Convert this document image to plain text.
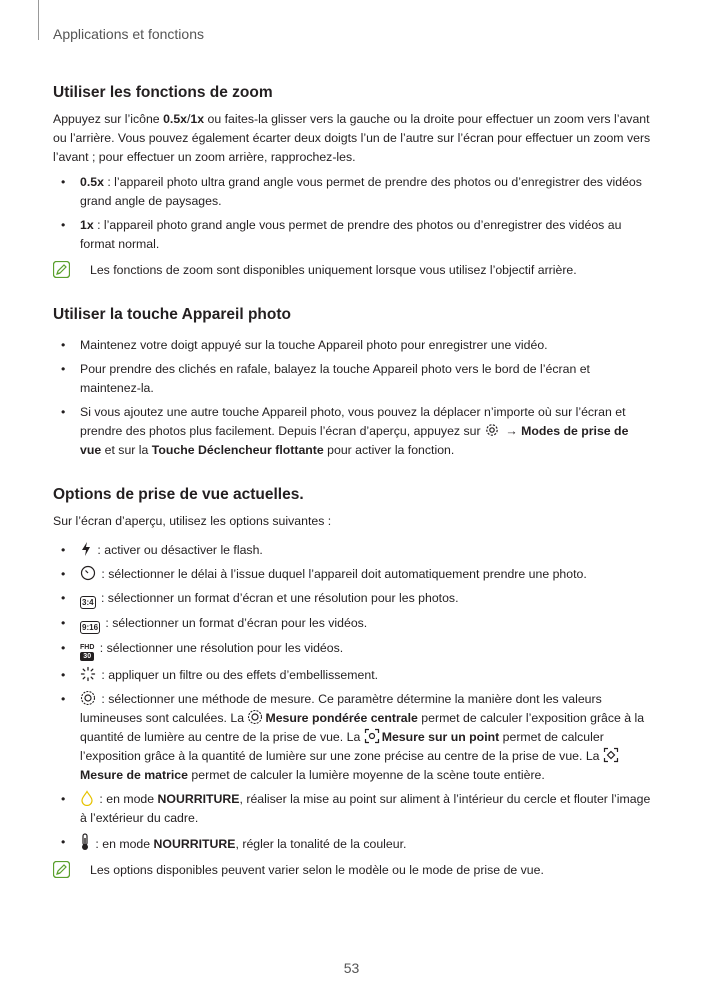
Applications et fonctions
Utiliser les fonctions de zoom

Appuyez sur l’icône 0.5x/1x ou faites-la glisser vers la gauche ou la droite pour effectuer un zoom vers l’avant ou l’arrière. Vous pouvez également écarter deux doigts l’un de l’autre sur l’écran pour effectuer un zoom vers l’avant ; pour effectuer un zoom arrière, rapprochez-les.

• 0.5x : l’appareil photo ultra grand angle vous permet de prendre des photos ou d’enregistrer des vidéos grand angle de paysages.
• 1x : l’appareil photo grand angle vous permet de prendre des photos ou d’enregistrer des vidéos au format normal.
Les fonctions de zoom sont disponibles uniquement lorsque vous utilisez l’objectif arrière.
Utiliser la touche Appareil photo
• Maintenez votre doigt appuyé sur la touche Appareil photo pour enregistrer une vidéo.
• Pour prendre des clichés en rafale, balayez la touche Appareil photo vers le bord de l’écran et maintenez-la.
• Si vous ajoutez une autre touche Appareil photo, vous pouvez la déplacer n’importe où sur l’écran et prendre des photos plus facilement. Depuis l’écran d’aperçu, appuyez sur
→ Modes de prise de vue et sur la Touche Déclencheur flottante pour activer la fonction.
Options de prise de vue actuelles.

Sur l’écran d’aperçu, utilisez les options suivantes :

• : activer ou désactiver le flash.
•	: sélectionner le délai à l’issue duquel l’appareil doit automatiquement prendre une photo.
• 3:4 : sélectionner un format d’écran et une résolution pour les photos.
• 9:16 : sélectionner un format d’écran pour les vidéos.
• FHD
30
: sélectionner une résolution pour les vidéos.
•	: appliquer un filtre ou des effets d’embellissement.
•	: sélectionner une méthode de mesure. Ce paramètre détermine la manière dont les valeurs lumineuses sont calculées. La
Mesure pondérée centrale permet de calculer l’exposition grâce à la quantité de lumière au centre de la prise de vue. La
Mesure sur un point permet de calculer l’exposition grâce à la quantité de lumière sur une zone précise au centre de la prise de vue. La
Mesure de matrice permet de calculer la lumière moyenne de la scène toute entière.
• : en mode NOURRITURE, réaliser la mise au point sur aliment à l’intérieur du cercle et flouter l’image à l’extérieur du cadre.
• : en mode NOURRITURE, régler la tonalité de la couleur.
Les options disponibles peuvent varier selon le modèle ou le mode de prise de vue.
53
